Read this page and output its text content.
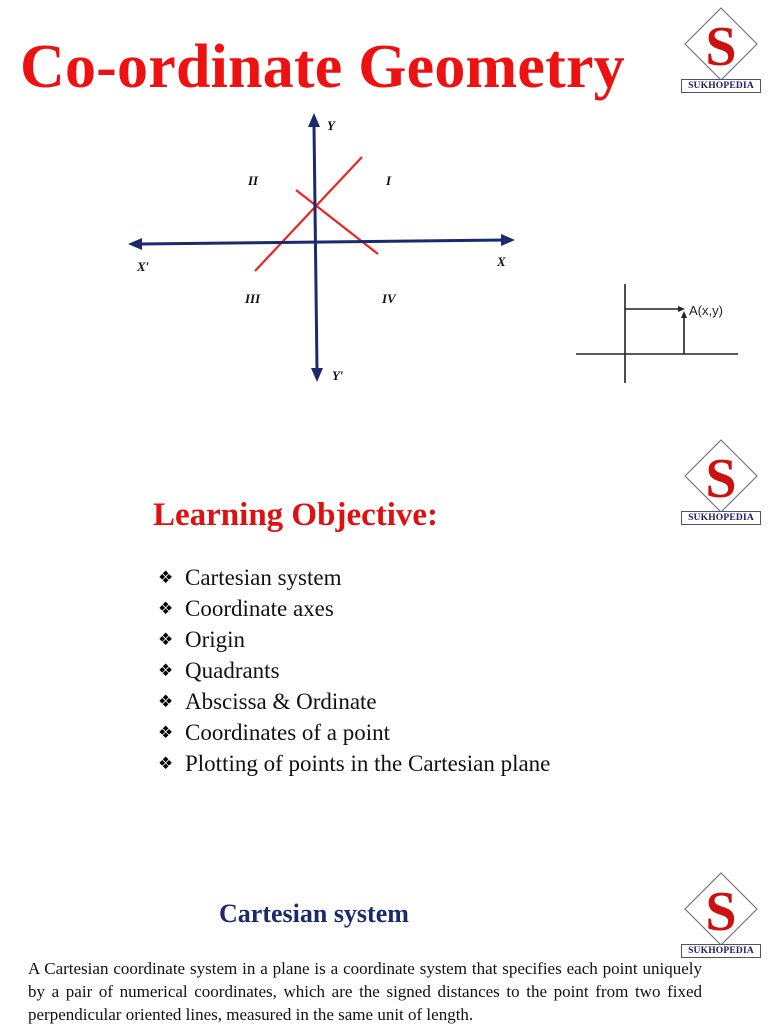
Co-ordinate Geometry S
SUKHOPEDIA
Y
Y′
X
X′
I
II
III	IV
A(x,y)
S
SUKHOPEDIA
Learning Objective:
❖ Cartesian system
❖ Coordinate axes
❖ Origin
❖ Quadrants
❖ Abscissa & Ordinate
❖ Coordinates of a point
❖ Plotting of points in the Cartesian plane
S
SUKHOPEDIA
Cartesian system

A Cartesian coordinate system in a plane is a coordinate system that specifies each point uniquely by a pair of numerical coordinates, which are the signed distances to the point from two fixed perpendicular oriented lines, measured in the same unit of length.
